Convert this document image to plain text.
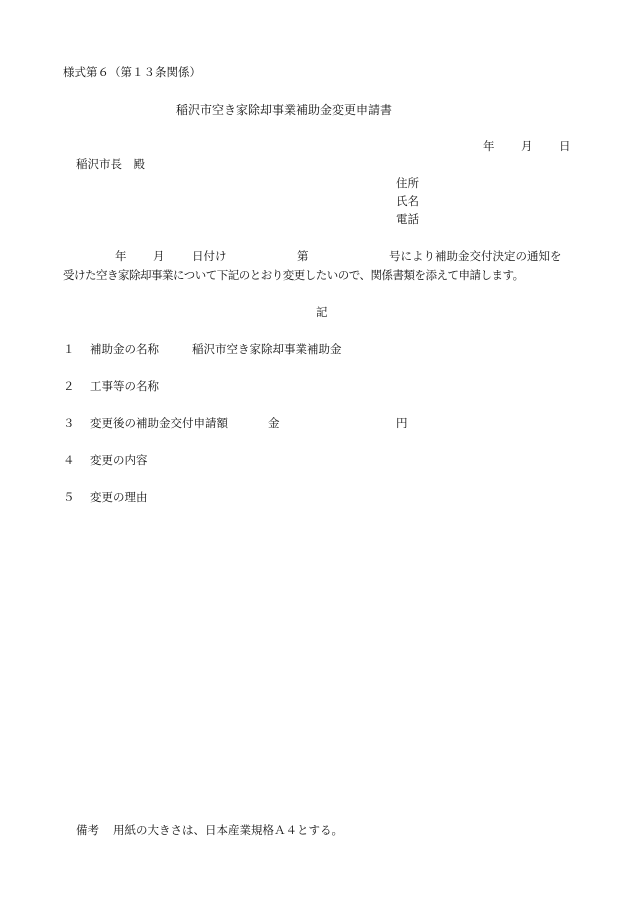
様式第６（第１３条関係）
稲沢市空き家除却事業補助金変更申請書
年 月 日
稲沢市長　殿
住所
氏名
電話
年 月 日付け	第	号により補助金交付決定の通知を
受けた空き家除却事業について下記のとおり変更したいので、関係書類を添えて申請します。
記
１ 補助金の名称	稲沢市空き家除却事業補助金
２ 工事等の名称
３ 変更後の補助金交付申請額	金	円
４ 変更の内容
５ 変更の理由
備考 用紙の大きさは、日本産業規格Ａ４とする。
